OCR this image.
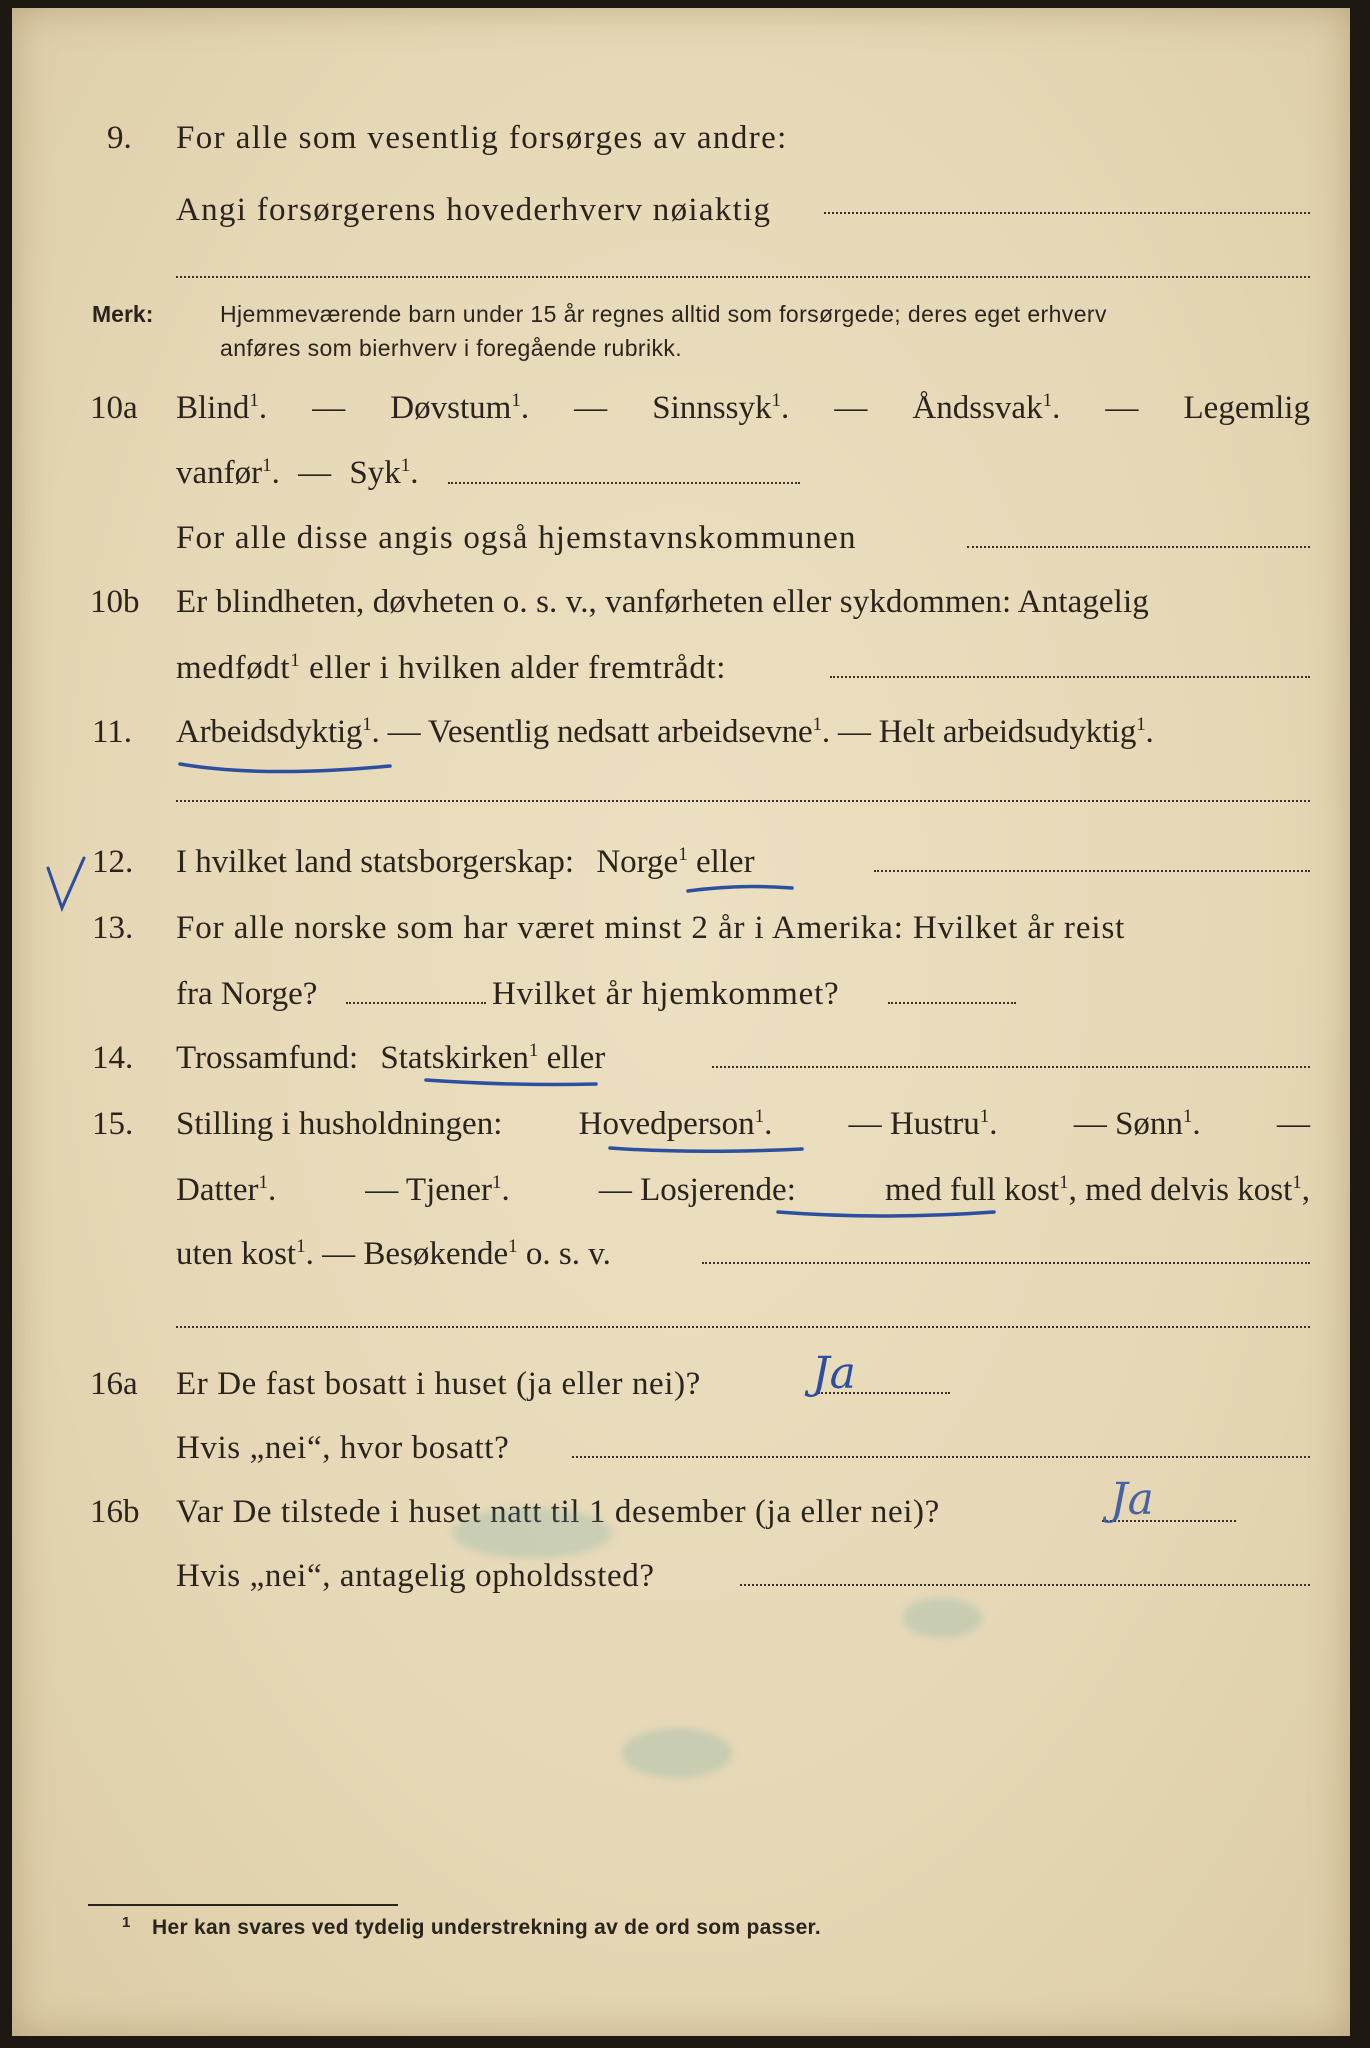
9. For alle som vesentlig forsørges av andre:
Angi forsørgerens hovederhverv nøiaktig
Merk:	Hjemmeværende barn under 15 år regnes alltid som forsørgede; deres eget erhverv
anføres som bierhverv i foregående rubrikk.
10a Blind$^1$. — Døvstum$^1$. — Sinnssyk$^1$. — Åndssvak$^1$. — Legemlig
vanfør$^1$. — Syk$^1$.
For alle disse angis også hjemstavnskommunen
10b Er blindheten, døvheten o. s. v., vanførheten eller sykdommen: Antagelig
medfødt$^1$ eller i hvilken alder fremtrådt:
11. Arbeidsdyktig$^1$. — Vesentlig nedsatt arbeidsevne$^1$. — Helt arbeidsudyktig$^1$.
12. I hvilket land statsborgerskap: Norge$^1$ eller
13. For alle norske som har været minst 2 år i Amerika: Hvilket år reist
fra Norge?	Hvilket år hjemkommet?
14. Trossamfund: Statskirken$^1$ eller
15. Stilling i husholdningen: Hovedperson$^1$. — Hustru$^1$. — Sønn$^1$. —
Datter$^1$.	— Tjener$^1$.	— Losjerende:	med full kost$^1$, med delvis kost$^1$,
uten kost$^1$. — Besøkende$^1$ o. s. v.
16a Er De fast bosatt i huset (ja eller nei)?
Hvis „nei“, hvor bosatt?
16b Var De tilstede i huset natt til 1 desember (ja eller nei)?
Hvis „nei“, antagelig opholdssted?
Ja
Ja
1 Her kan svares ved tydelig understrekning av de ord som passer.
